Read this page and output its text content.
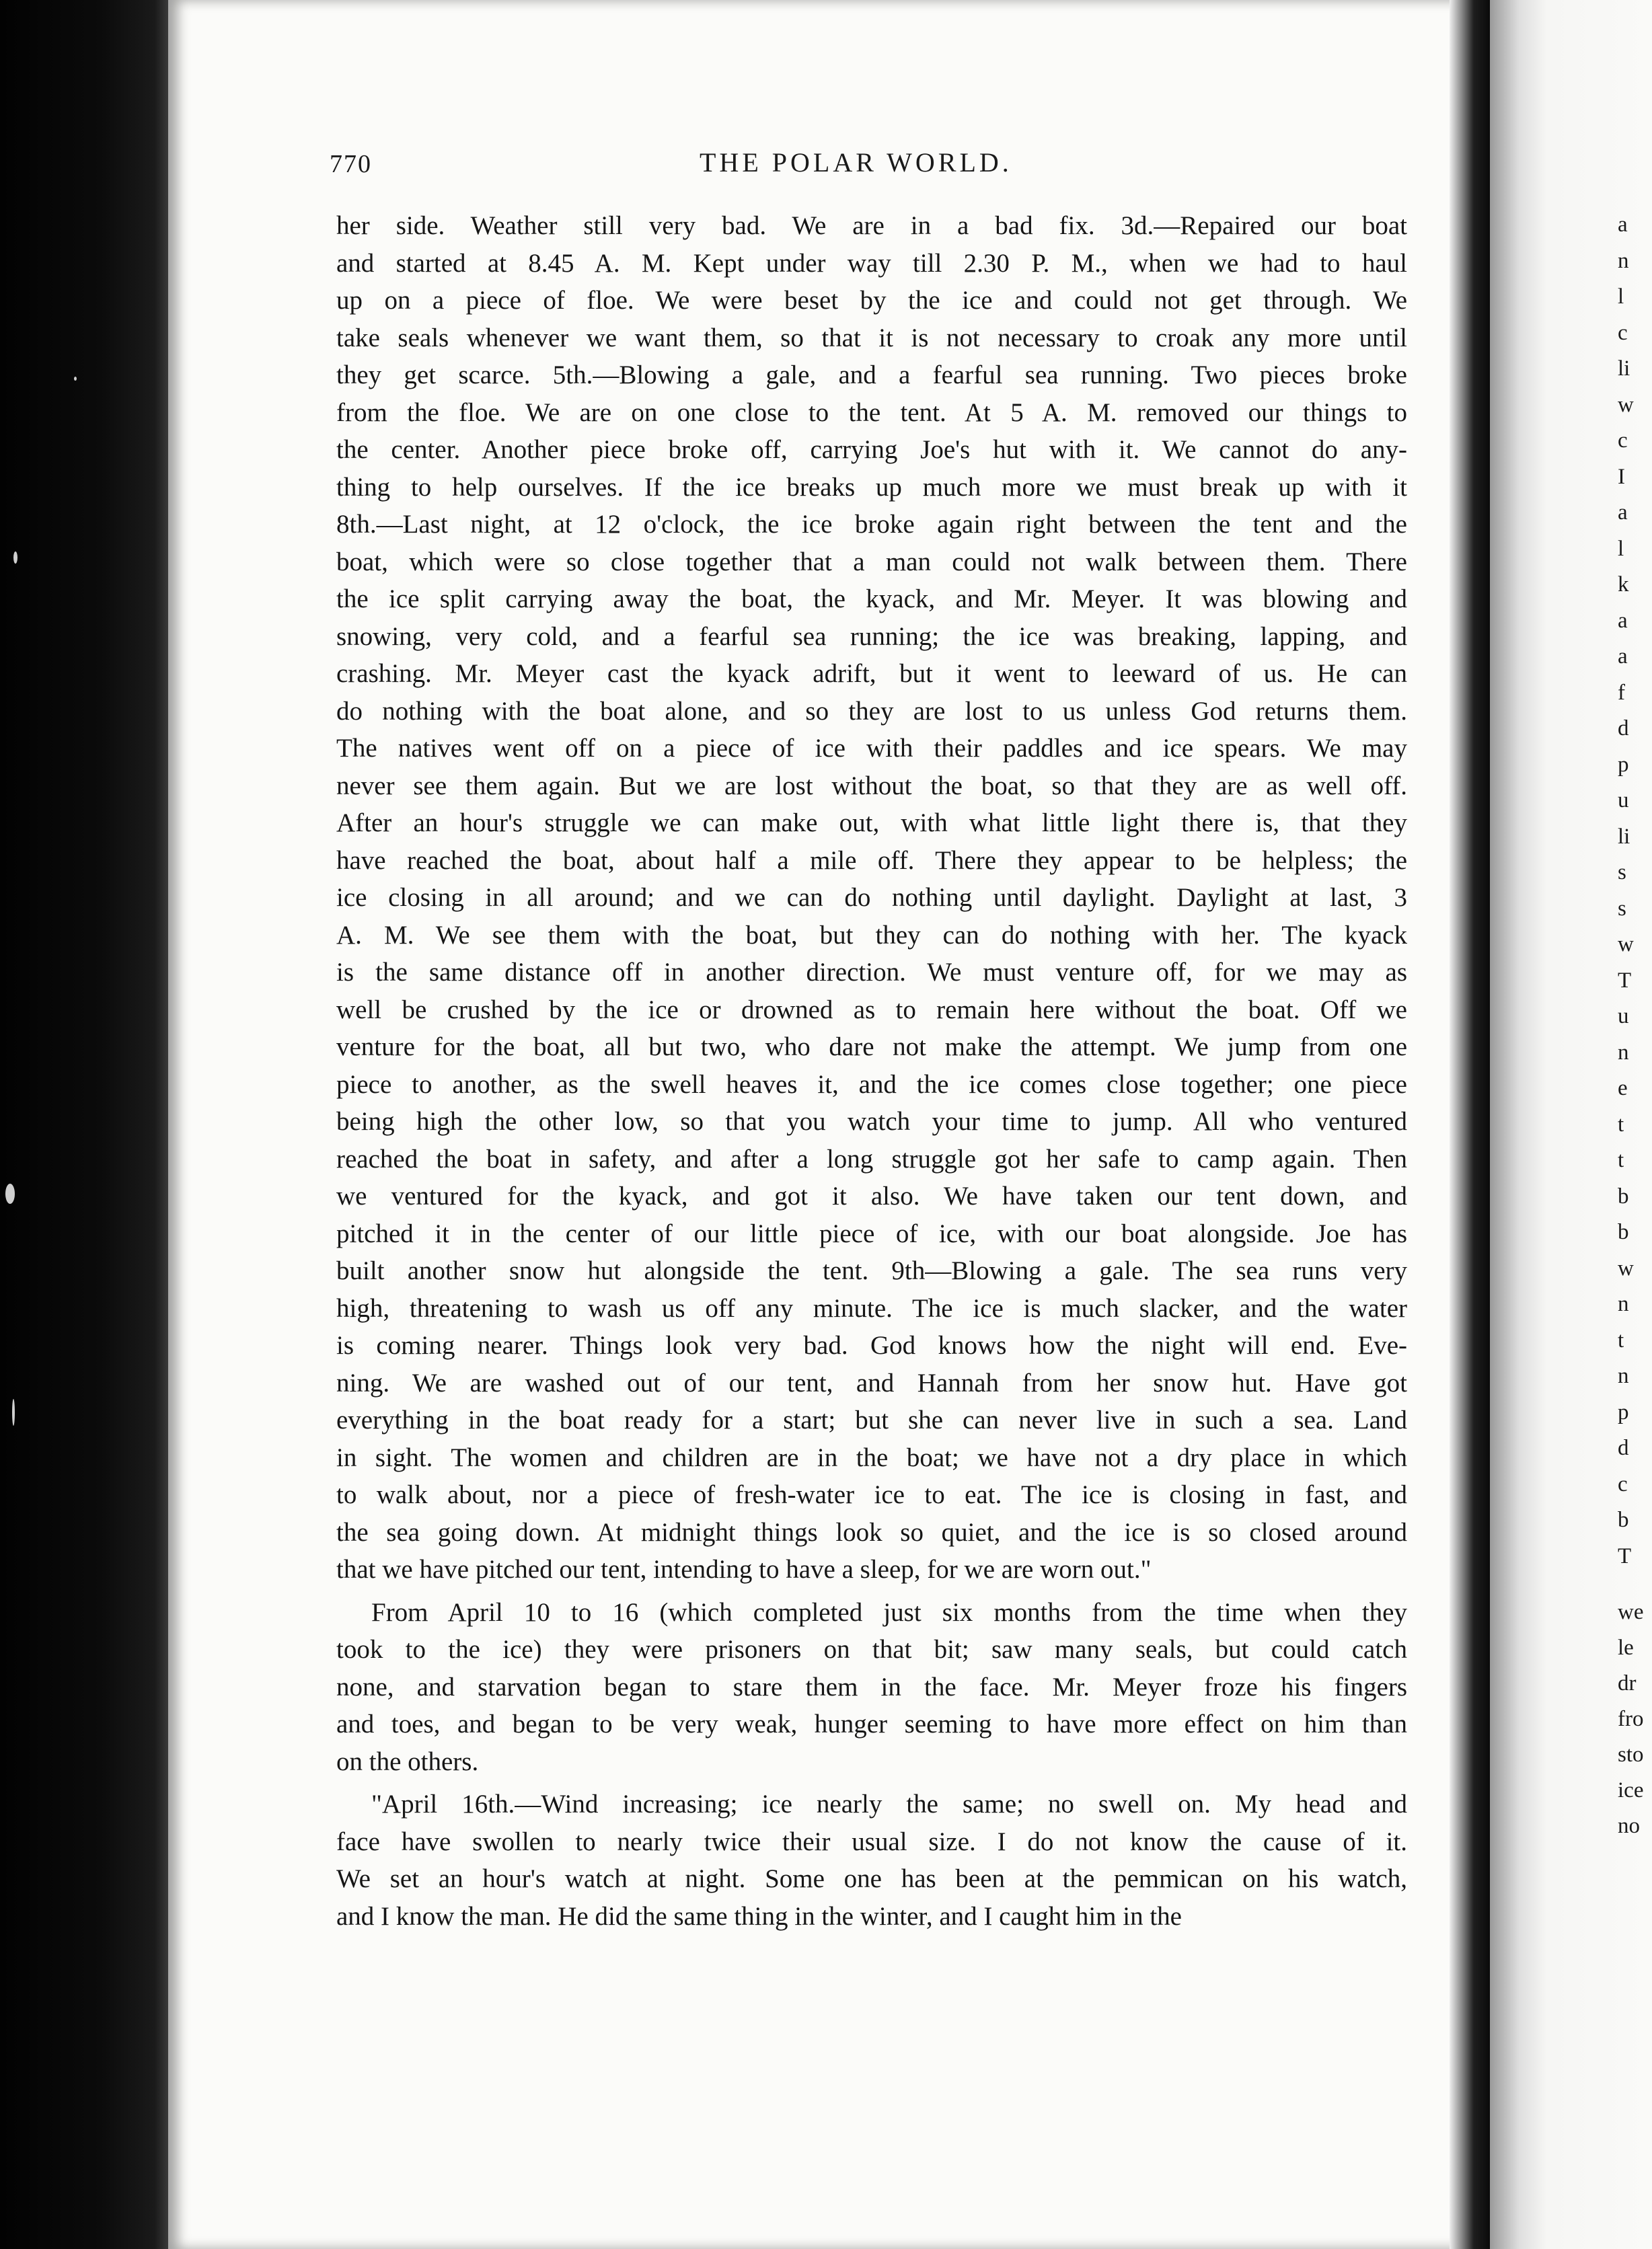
770	THE POLAR WORLD.
her side. Weather still very bad. We are in a bad fix. 3d.—Repaired our boat
and started at 8.45 A. M. Kept under way till 2.30 P. M., when we had to haul
up on a piece of floe. We were beset by the ice and could not get through. We
take seals whenever we want them, so that it is not necessary to croak any more until
they get scarce. 5th.—Blowing a gale, and a fearful sea running. Two pieces broke
from the floe. We are on one close to the tent. At 5 A. M. removed our things to
the center. Another piece broke off, carrying Joe's hut with it. We cannot do any-
thing to help ourselves. If the ice breaks up much more we must break up with it
8th.—Last night, at 12 o'clock, the ice broke again right between the tent and the
boat, which were so close together that a man could not walk between them. There
the ice split carrying away the boat, the kyack, and Mr. Meyer. It was blowing and
snowing, very cold, and a fearful sea running; the ice was breaking, lapping, and
crashing. Mr. Meyer cast the kyack adrift, but it went to leeward of us. He can
do nothing with the boat alone, and so they are lost to us unless God returns them.
The natives went off on a piece of ice with their paddles and ice spears. We may
never see them again. But we are lost without the boat, so that they are as well off.
After an hour's struggle we can make out, with what little light there is, that they
have reached the boat, about half a mile off. There they appear to be helpless; the
ice closing in all around; and we can do nothing until daylight. Daylight at last, 3
A. M. We see them with the boat, but they can do nothing with her. The kyack
is the same distance off in another direction. We must venture off, for we may as
well be crushed by the ice or drowned as to remain here without the boat. Off we
venture for the boat, all but two, who dare not make the attempt. We jump from one
piece to another, as the swell heaves it, and the ice comes close together; one piece
being high the other low, so that you watch your time to jump. All who ventured
reached the boat in safety, and after a long struggle got her safe to camp again. Then
we ventured for the kyack, and got it also. We have taken our tent down, and
pitched it in the center of our little piece of ice, with our boat alongside. Joe has
built another snow hut alongside the tent. 9th—Blowing a gale. The sea runs very
high, threatening to wash us off any minute. The ice is much slacker, and the water
is coming nearer. Things look very bad. God knows how the night will end. Eve-
ning. We are washed out of our tent, and Hannah from her snow hut. Have got
everything in the boat ready for a start; but she can never live in such a sea. Land
in sight. The women and children are in the boat; we have not a dry place in which
to walk about, nor a piece of fresh-water ice to eat. The ice is closing in fast, and
the sea going down. At midnight things look so quiet, and the ice is so closed around
that we have pitched our tent, intending to have a sleep, for we are worn out."
From April 10 to 16 (which completed just six months from the time when they
took to the ice) they were prisoners on that bit; saw many seals, but could catch
none, and starvation began to stare them in the face. Mr. Meyer froze his fingers
and toes, and began to be very weak, hunger seeming to have more effect on him than
on the others.
"April 16th.—Wind increasing; ice nearly the same; no swell on. My head and
face have swollen to nearly twice their usual size. I do not know the cause of it.
We set an hour's watch at night. Some one has been at the pemmican on his watch,
and I know the man. He did the same thing in the winter, and I caught him in the
a
n
l
c
li
w
c
I
a
l
k
a
a
f
d
p
u
li
s
s
w
T
u
n
e
t
t
b
b
w
n
t
n
p
d
c
b
T
we
le
dr
fro
sto
ice
no
